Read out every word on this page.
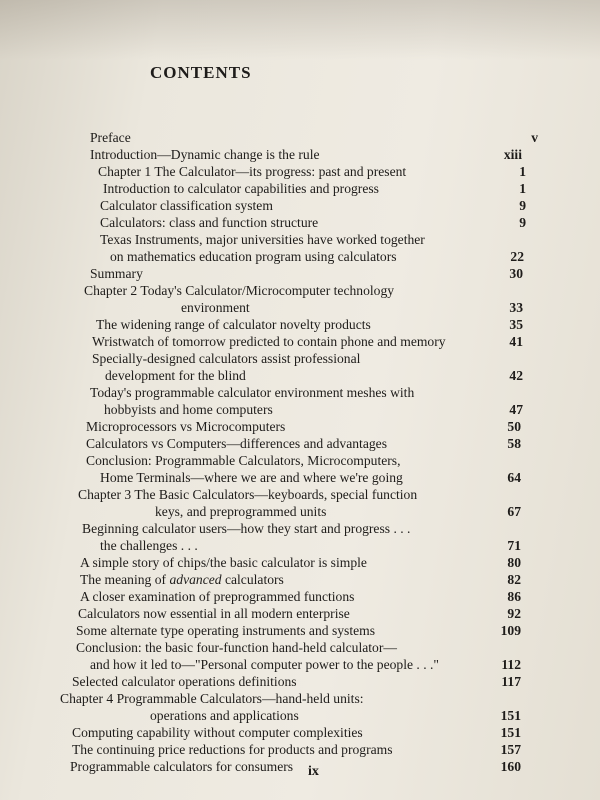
CONTENTS
Preface	v
Introduction—Dynamic change is the rule	xiii
Chapter 1 The Calculator—its progress: past and present	1
Introduction to calculator capabilities and progress	1
Calculator classification system	9
Calculators: class and function structure	9
Texas Instruments, major universities have worked together
on mathematics education program using calculators	22
Summary	30
Chapter 2 Today's Calculator/Microcomputer technology
environment	33
The widening range of calculator novelty products	35
Wristwatch of tomorrow predicted to contain phone and memory	41
Specially-designed calculators assist professional
development for the blind	42
Today's programmable calculator environment meshes with
hobbyists and home computers	47
Microprocessors vs Microcomputers	50
Calculators vs Computers—differences and advantages	58
Conclusion: Programmable Calculators, Microcomputers,
Home Terminals—where we are and where we're going	64
Chapter 3 The Basic Calculators—keyboards, special function
keys, and preprogrammed units	67
Beginning calculator users—how they start and progress . . .
the challenges . . .	71
A simple story of chips/the basic calculator is simple	80
The meaning of advanced calculators	82
A closer examination of preprogrammed functions	86
Calculators now essential in all modern enterprise	92
Some alternate type operating instruments and systems	109
Conclusion: the basic four-function hand-held calculator—
and how it led to—"Personal computer power to the people . . ."	112
Selected calculator operations definitions	117
Chapter 4 Programmable Calculators—hand-held units:
operations and applications	151
Computing capability without computer complexities	151
The continuing price reductions for products and programs	157
Programmable calculators for consumers	160
ix
